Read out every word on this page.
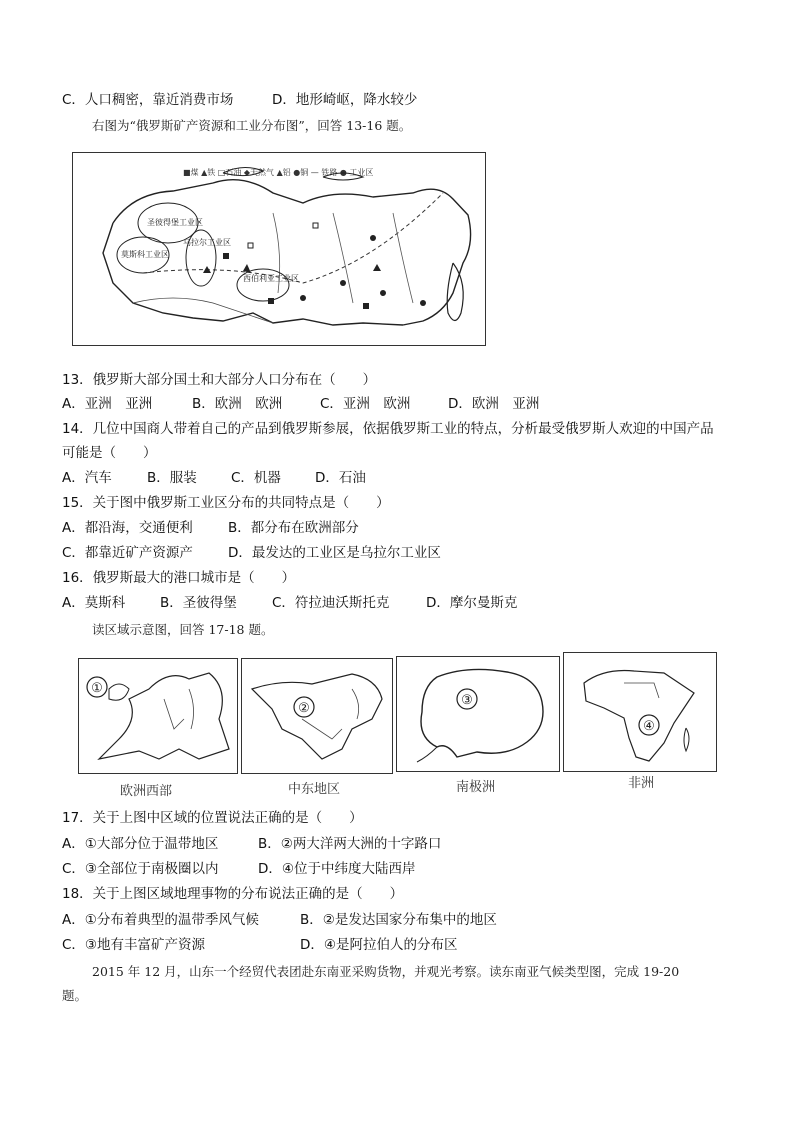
C．人口稠密，靠近消费市场	D．地形崎岖，降水较少
右图为“俄罗斯矿产资源和工业分布图”，回答 13-16 题。
■煤 ▲铁 □石油 ◆天然气 ▲铝 ●铜 — 铁路 ● 工业区
圣彼得堡工业区
莫斯科工业区
乌拉尔工业区
西伯利亚工业区
13．俄罗斯大部分国土和大部分人口分布在（　　）
A．亚洲　亚洲	B．欧洲　欧洲	C．亚洲　欧洲	D．欧洲　亚洲
14．几位中国商人带着自己的产品到俄罗斯参展，依据俄罗斯工业的特点，分析最受俄罗斯人欢迎的中国产品
可能是（　　）
A．汽车	B．服装	C．机器	D．石油
15．关于图中俄罗斯工业区分布的共同特点是（　　）
A．都沿海，交通便利	B．都分布在欧洲部分
C．都靠近矿产资源产	D．最发达的工业区是乌拉尔工业区
16．俄罗斯最大的港口城市是（　　）
A．莫斯科	B．圣彼得堡	C．符拉迪沃斯托克	D．摩尔曼斯克
读区域示意图，回答 17-18 题。
①
②
③
④
欧洲西部	中东地区	南极洲	非洲
17．关于上图中区域的位置说法正确的是（　　）
A．①大部分位于温带地区	B．②两大洋两大洲的十字路口
C．③全部位于南极圈以内	D．④位于中纬度大陆西岸
18．关于上图区域地理事物的分布说法正确的是（　　）
A．①分布着典型的温带季风气候	B．②是发达国家分布集中的地区
C．③地有丰富矿产资源	D．④是阿拉伯人的分布区
2015 年 12 月，山东一个经贸代表团赴东南亚采购货物，并观光考察。读东南亚气候类型图，完成 19-20
题。
